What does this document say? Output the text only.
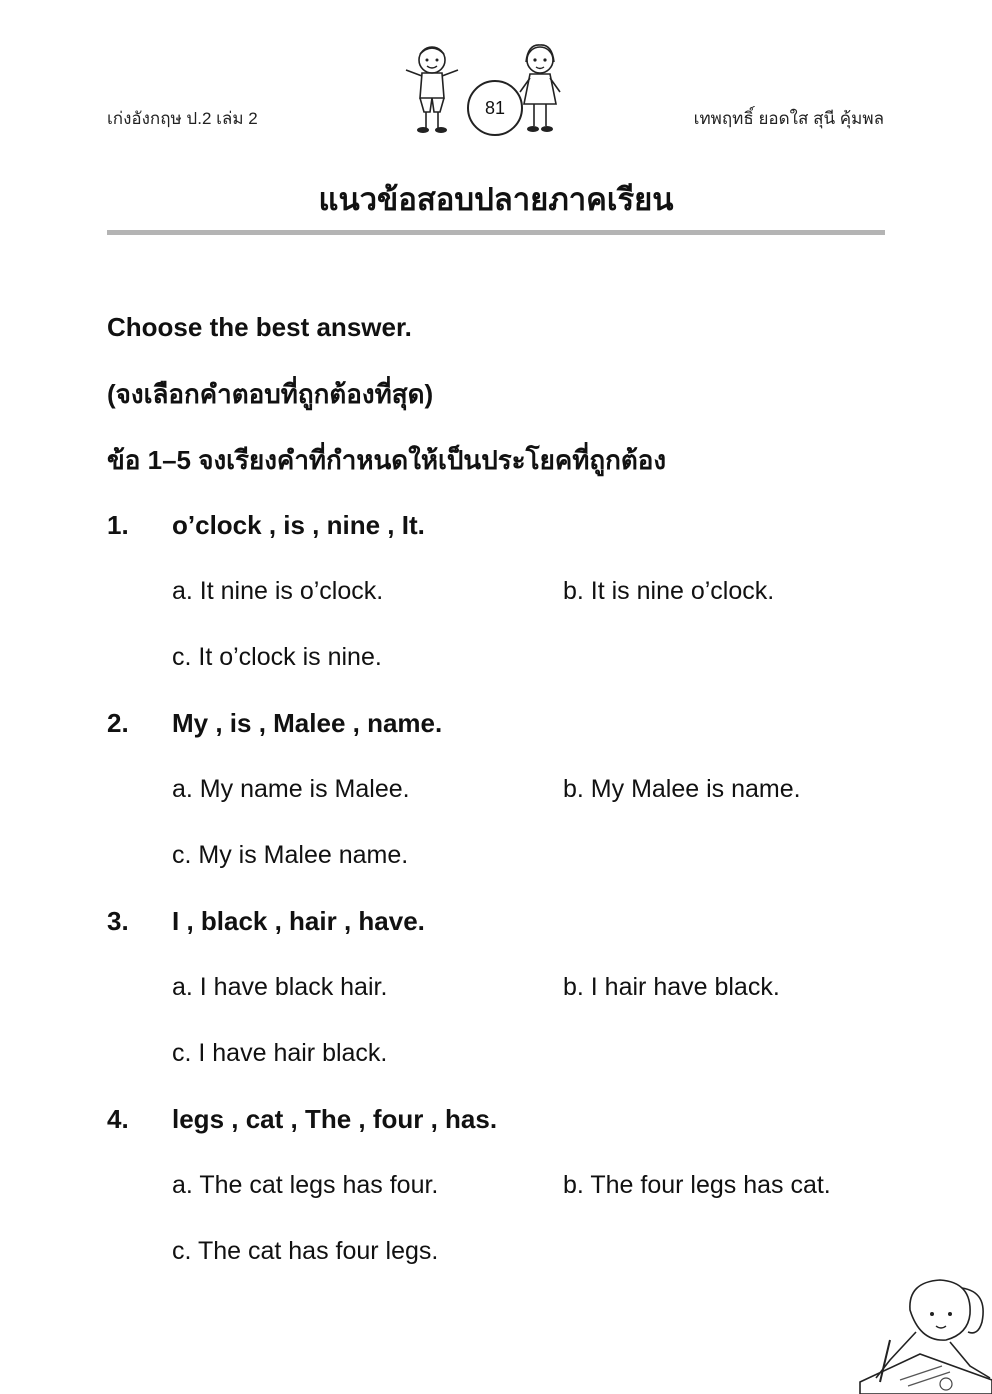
เก่งอังกฤษ ป.2 เล่ม 2
81
เทพฤทธิ์ ยอดใส สุนี คุ้มพล
แนวข้อสอบปลายภาคเรียน
Choose the best answer.
(จงเลือกคำตอบที่ถูกต้องที่สุด)
ข้อ 1–5 จงเรียงคำที่กำหนดให้เป็นประโยคที่ถูกต้อง
1. o’clock , is , nine , It.
a. It nine is o’clock.	b. It is nine o’clock.
c. It o’clock is nine.
2. My , is , Malee , name.
a. My name is Malee.	b. My Malee is name.
c. My is Malee name.
3. I , black , hair , have.
a. I have black hair.	b. I hair have black.
c. I have hair black.
4. legs , cat , The , four , has.
a. The cat legs has four.	b. The four legs has cat.
c. The cat has four legs.
